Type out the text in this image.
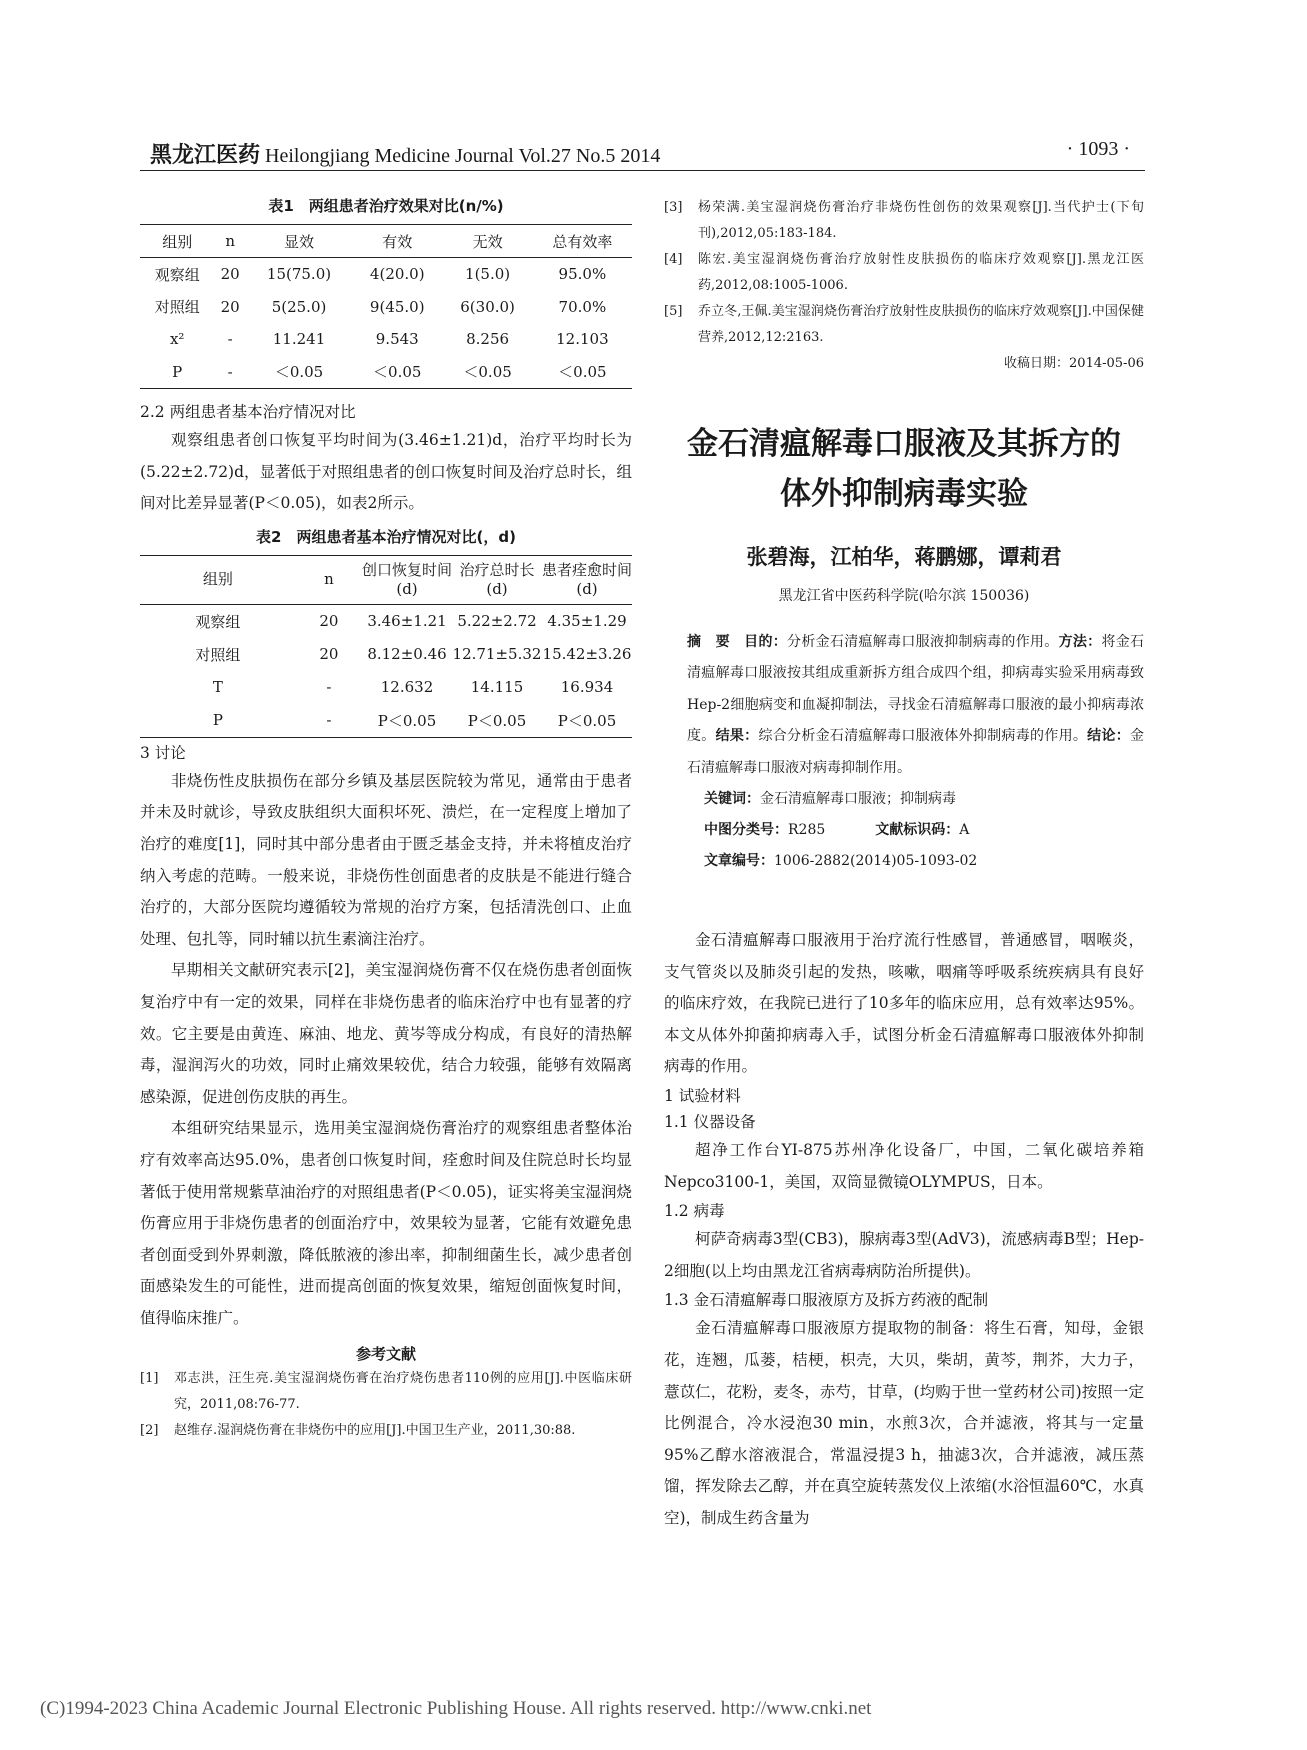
黑龙江医药 Heilongjiang Medicine Journal Vol.27 No.5 2014	· 1093 ·
表1　两组患者治疗效果对比(n/%)
组别	n	显效	有效	无效	总有效率
观察组	20	15(75.0)	4(20.0)	1(5.0)	95.0%
对照组	20	5(25.0)	9(45.0)	6(30.0)	70.0%
x²	-	11.241	9.543	8.256	12.103
P	-	＜0.05	＜0.05	＜0.05	＜0.05

2.2 两组患者基本治疗情况对比

观察组患者创口恢复平均时间为(3.46±1.21)d，治疗平均时长为(5.22±2.72)d，显著低于对照组患者的创口恢复时间及治疗总时长，组间对比差异显著(P＜0.05)，如表2所示。

表2　两组患者基本治疗情况对比(，d)
组别	n	创口恢复时间(d)	治疗总时长(d)	患者痊愈时间(d)
观察组	20	3.46±1.21	5.22±2.72	4.35±1.29
对照组	20	8.12±0.46	12.71±5.32	15.42±3.26
T	-	12.632	14.115	16.934
P	-	P＜0.05	P＜0.05	P＜0.05

3 讨论

非烧伤性皮肤损伤在部分乡镇及基层医院较为常见，通常由于患者并未及时就诊，导致皮肤组织大面积坏死、溃烂，在一定程度上增加了治疗的难度[1]，同时其中部分患者由于匮乏基金支持，并未将植皮治疗纳入考虑的范畴。一般来说，非烧伤性创面患者的皮肤是不能进行缝合治疗的，大部分医院均遵循较为常规的治疗方案，包括清洗创口、止血处理、包扎等，同时辅以抗生素滴注治疗。

早期相关文献研究表示[2]，美宝湿润烧伤膏不仅在烧伤患者创面恢复治疗中有一定的效果，同样在非烧伤患者的临床治疗中也有显著的疗效。它主要是由黄连、麻油、地龙、黄岑等成分构成，有良好的清热解毒，湿润泻火的功效，同时止痛效果较优，结合力较强，能够有效隔离感染源，促进创伤皮肤的再生。

本组研究结果显示，选用美宝湿润烧伤膏治疗的观察组患者整体治疗有效率高达95.0%，患者创口恢复时间，痊愈时间及住院总时长均显著低于使用常规紫草油治疗的对照组患者(P＜0.05)，证实将美宝湿润烧伤膏应用于非烧伤患者的创面治疗中，效果较为显著，它能有效避免患者创面受到外界刺激，降低脓液的渗出率，抑制细菌生长，减少患者创面感染发生的可能性，进而提高创面的恢复效果，缩短创面恢复时间，值得临床推广。

参考文献
[1] 邓志洪，汪生亮.美宝湿润烧伤膏在治疗烧伤患者110例的应用[J].中医临床研究，2011,08:76-77.
[2] 赵维存.湿润烧伤膏在非烧伤中的应用[J].中国卫生产业，2011,30:88.
[3] 杨荣满.美宝湿润烧伤膏治疗非烧伤性创伤的效果观察[J].当代护士(下旬刊),2012,05:183-184.
[4] 陈宏.美宝湿润烧伤膏治疗放射性皮肤损伤的临床疗效观察[J].黑龙江医药,2012,08:1005-1006.
[5] 乔立冬,王佩.美宝湿润烧伤膏治疗放射性皮肤损伤的临床疗效观察[J].中国保健营养,2012,12:2163.
收稿日期：2014-05-06
金石清瘟解毒口服液及其拆方的
体外抑制病毒实验
张碧海，江柏华，蒋鹏娜，谭莉君
黑龙江省中医药科学院(哈尔滨 150036)
摘　要　 目的：分析金石清瘟解毒口服液抑制病毒的作用。方法：将金石清瘟解毒口服液按其组成重新拆方组合成四个组，抑病毒实验采用病毒致Hep-2细胞病变和血凝抑制法，寻找金石清瘟解毒口服液的最小抑病毒浓度。结果：综合分析金石清瘟解毒口服液体外抑制病毒的作用。结论：金石清瘟解毒口服液对病毒抑制作用。
关键词：金石清瘟解毒口服液；抑制病毒
中图分类号：R285	文献标识码：A
文章编号：1006-2882(2014)05-1093-02

金石清瘟解毒口服液用于治疗流行性感冒，普通感冒，咽喉炎，支气管炎以及肺炎引起的发热，咳嗽，咽痛等呼吸系统疾病具有良好的临床疗效，在我院已进行了10多年的临床应用，总有效率达95%。本文从体外抑菌抑病毒入手，试图分析金石清瘟解毒口服液体外抑制病毒的作用。

1 试验材料

1.1 仪器设备

超净工作台YI-875苏州净化设备厂，中国，二氧化碳培养箱Nepco3100-1，美国，双筒显微镜OLYMPUS，日本。

1.2 病毒

柯萨奇病毒3型(CB3)，腺病毒3型(AdV3)，流感病毒B型；Hep-2细胞(以上均由黑龙江省病毒病防治所提供)。

1.3 金石清瘟解毒口服液原方及拆方药液的配制

金石清瘟解毒口服液原方提取物的制备：将生石膏，知母，金银花，连翘，瓜蒌，桔梗，枳壳，大贝，柴胡，黄芩，荆芥，大力子，薏苡仁，花粉，麦冬，赤芍，甘草，(均购于世一堂药材公司)按照一定比例混合，冷水浸泡30 min，水煎3次，合并滤液，将其与一定量95%乙醇水溶液混合，常温浸提3 h，抽滤3次，合并滤液，减压蒸馏，挥发除去乙醇，并在真空旋转蒸发仪上浓缩(水浴恒温60℃，水真空)，制成生药含量为

(C)1994-2023 China Academic Journal Electronic Publishing House. All rights reserved. http://www.cnki.net
